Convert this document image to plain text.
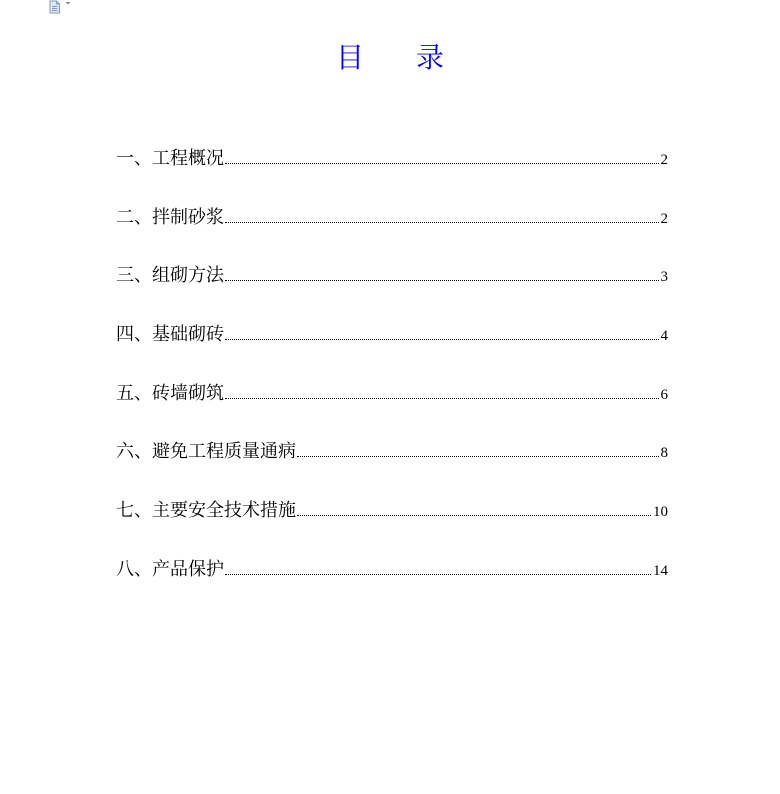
目 录
一、工程概况	2
二、拌制砂浆	2
三、组砌方法	3
四、基础砌砖	4
五、砖墙砌筑	6
六、避免工程质量通病	8
七、主要安全技术措施	10
八、产品保护	14
